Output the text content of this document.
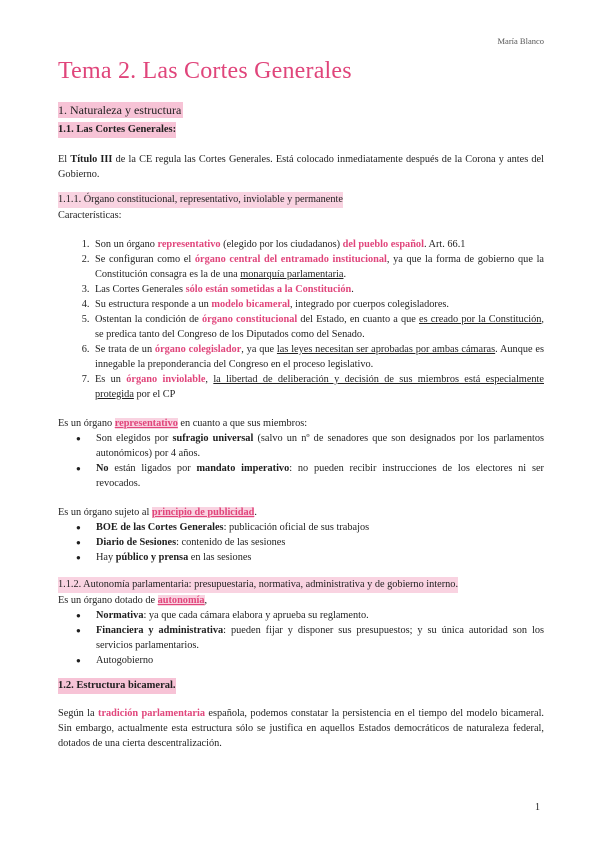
María Blanco
Tema 2. Las Cortes Generales
1. Naturaleza y estructura
1.1. Las Cortes Generales:

El Título III de la CE regula las Cortes Generales. Está colocado inmediatamente después de la Corona y antes del Gobierno.

1.1.1. Órgano constitucional, representativo, inviolable y permanente

Características:

1. Son un órgano representativo (elegido por los ciudadanos) del pueblo español. Art. 66.1
2. Se configuran como el órgano central del entramado institucional, ya que la forma de gobierno que la Constitución consagra es la de una monarquía parlamentaria.
3. Las Cortes Generales sólo están sometidas a la Constitución.
4. Su estructura responde a un modelo bicameral, integrado por cuerpos colegisladores.
5. Ostentan la condición de órgano constitucional del Estado, en cuanto a que es creado por la Constitución, se predica tanto del Congreso de los Diputados como del Senado.
6. Se trata de un órgano colegislador, ya que las leyes necesitan ser aprobadas por ambas cámaras. Aunque es innegable la preponderancia del Congreso en el proceso legislativo.
7. Es un órgano inviolable, la libertad de deliberación y decisión de sus miembros está especialmente protegida por el CP

Es un órgano representativo en cuanto a que sus miembros:

● Son elegidos por sufragio universal (salvo un nº de senadores que son designados por los parlamentos autonómicos) por 4 años.
● No están ligados por mandato imperativo: no pueden recibir instrucciones de los electores ni ser revocados.

Es un órgano sujeto al principio de publicidad.

● BOE de las Cortes Generales: publicación oficial de sus trabajos
● Diario de Sesiones: contenido de las sesiones
● Hay público y prensa en las sesiones
1.1.2. Autonomía parlamentaria: presupuestaria, normativa, administrativa y de gobierno interno.

Es un órgano dotado de autonomía,

● Normativa: ya que cada cámara elabora y aprueba su reglamento.
● Financiera y administrativa: pueden fijar y disponer sus presupuestos; y su única autoridad son los servicios parlamentarios.
● Autogobierno
1.2. Estructura bicameral.

Según la tradición parlamentaria española, podemos constatar la persistencia en el tiempo del modelo bicameral. Sin embargo, actualmente esta estructura sólo se justifica en aquellos Estados democráticos de naturaleza federal, dotados de una cierta descentralización.

1
